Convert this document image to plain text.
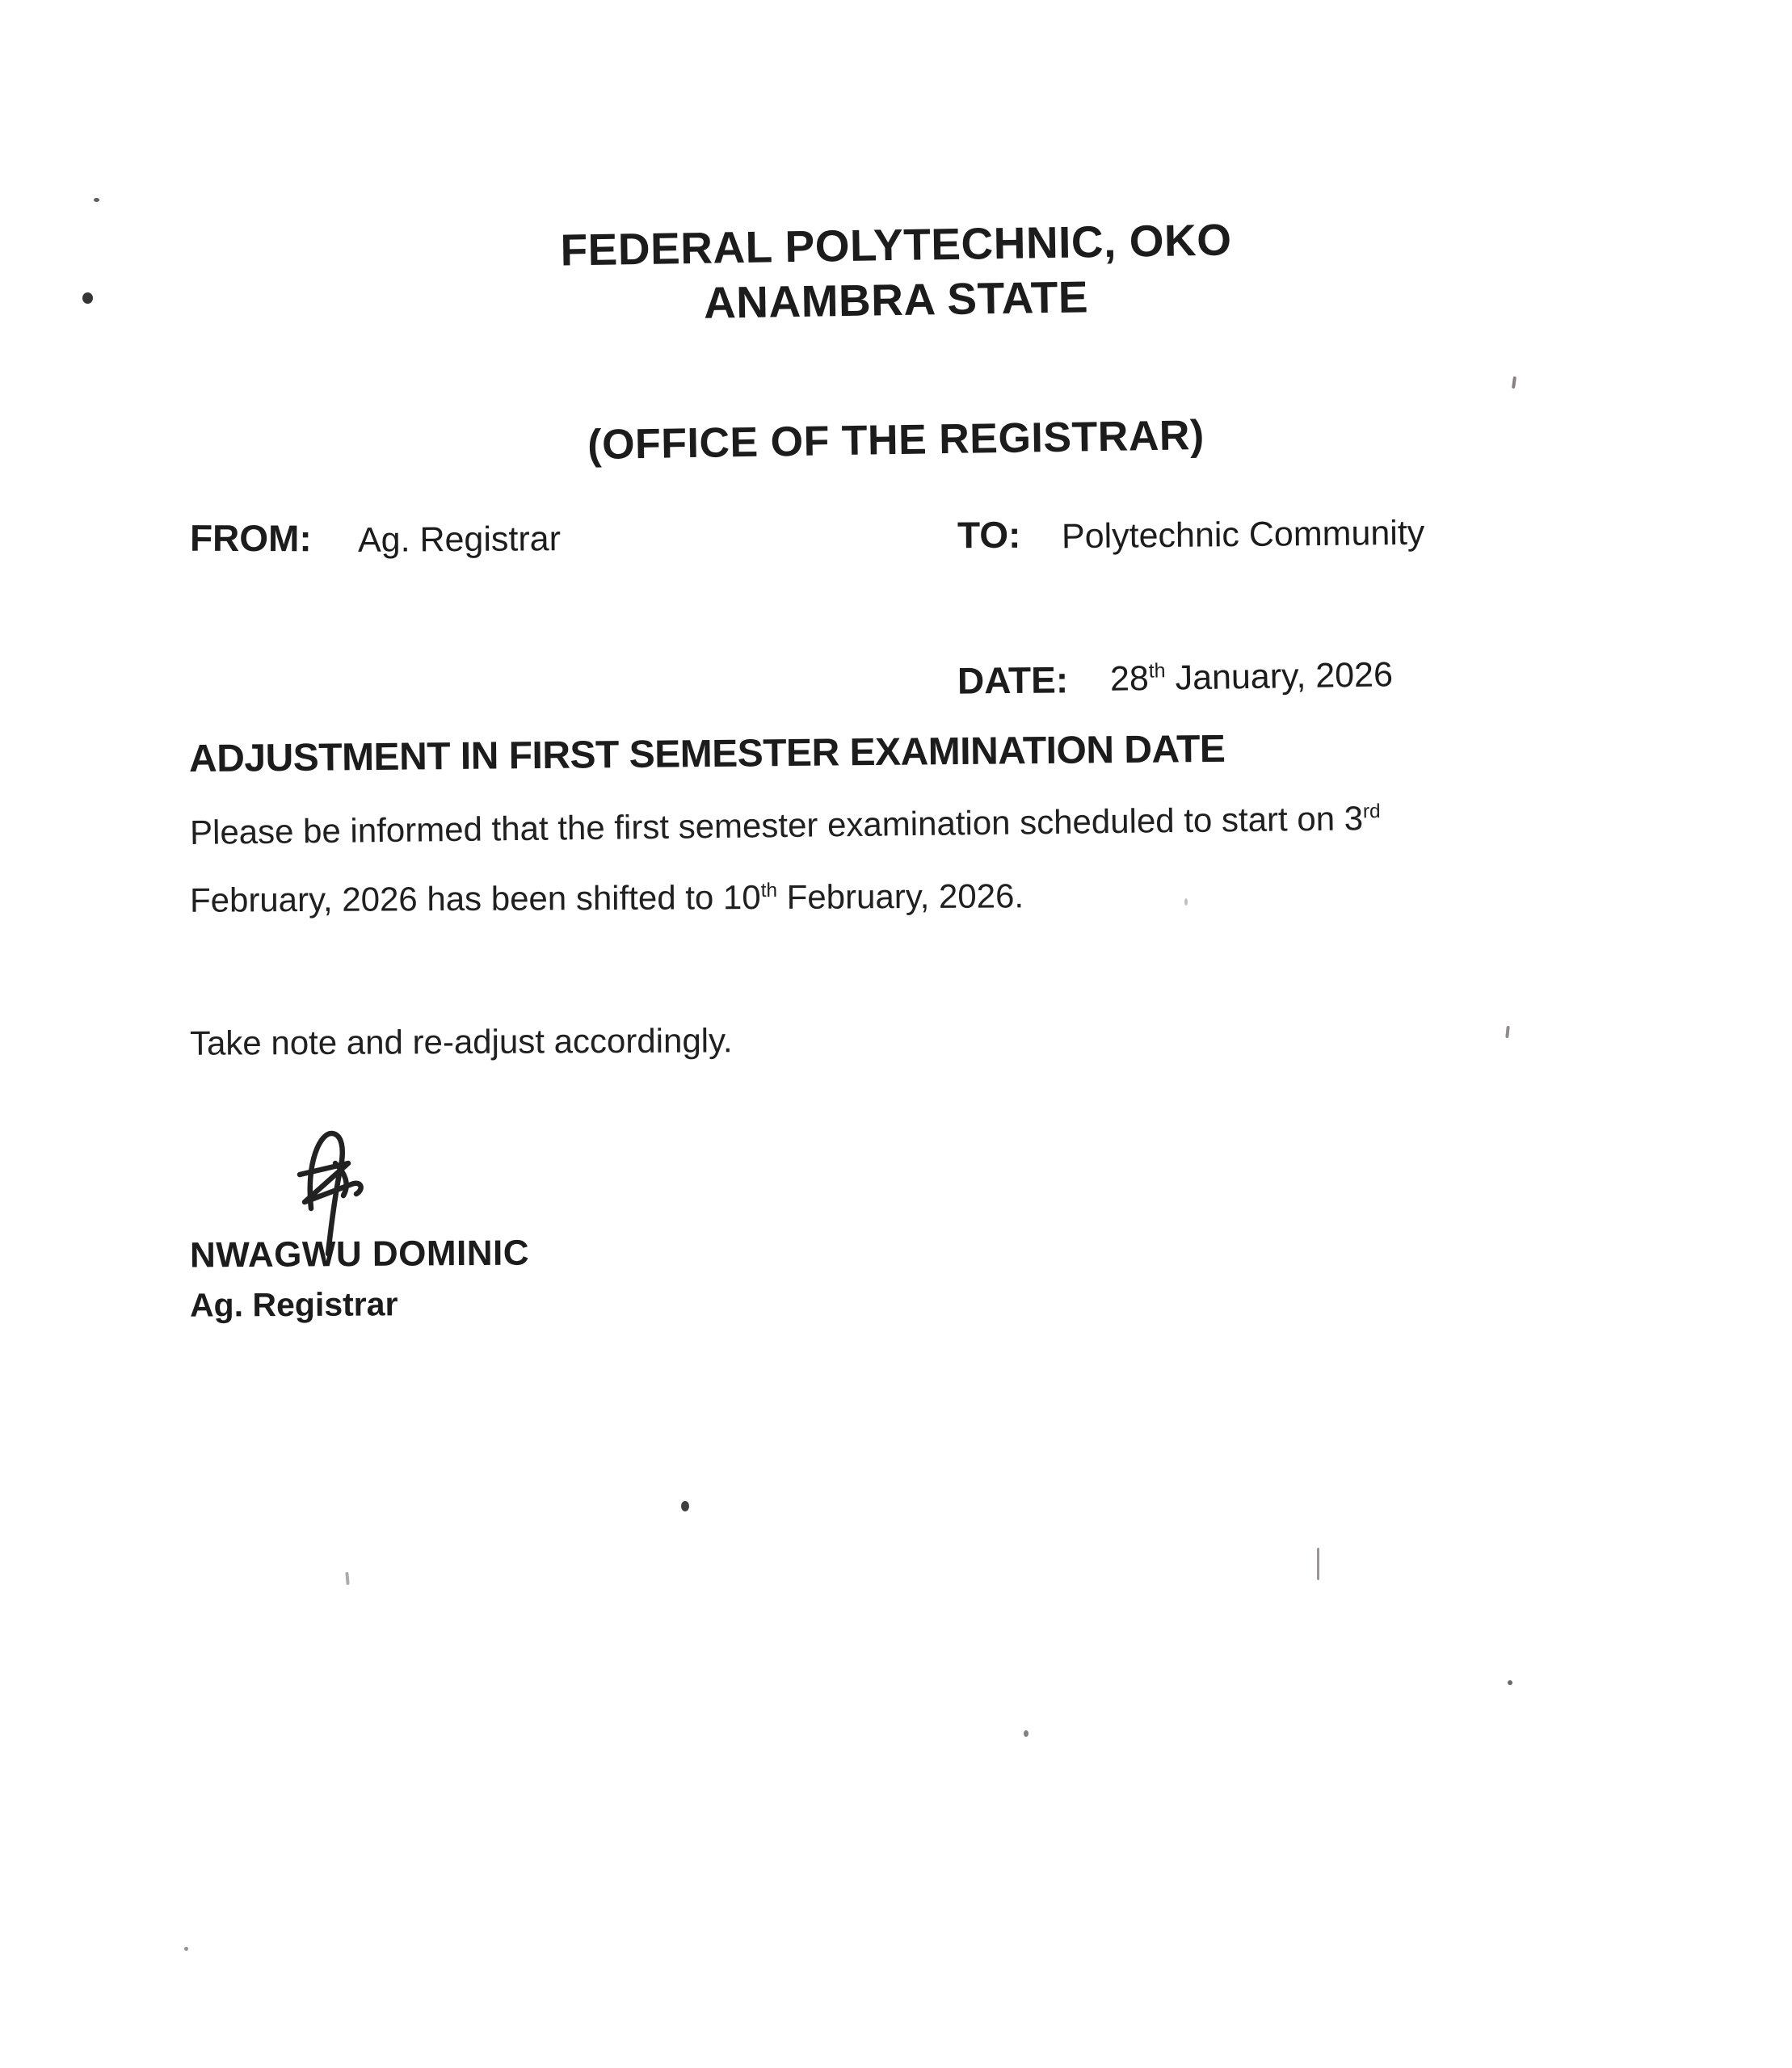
FEDERAL POLYTECHNIC, OKO
ANAMBRA STATE
(OFFICE OF THE REGISTRAR)
FROM: Ag. Registrar	TO: Polytechnic Community
DATE: 28th January, 2026
ADJUSTMENT IN FIRST SEMESTER EXAMINATION DATE
Please be informed that the first semester examination scheduled to start on 3rd
February, 2026 has been shifted to 10th February, 2026.
Take note and re-adjust accordingly.
NWAGWU DOMINIC
Ag. Registrar
